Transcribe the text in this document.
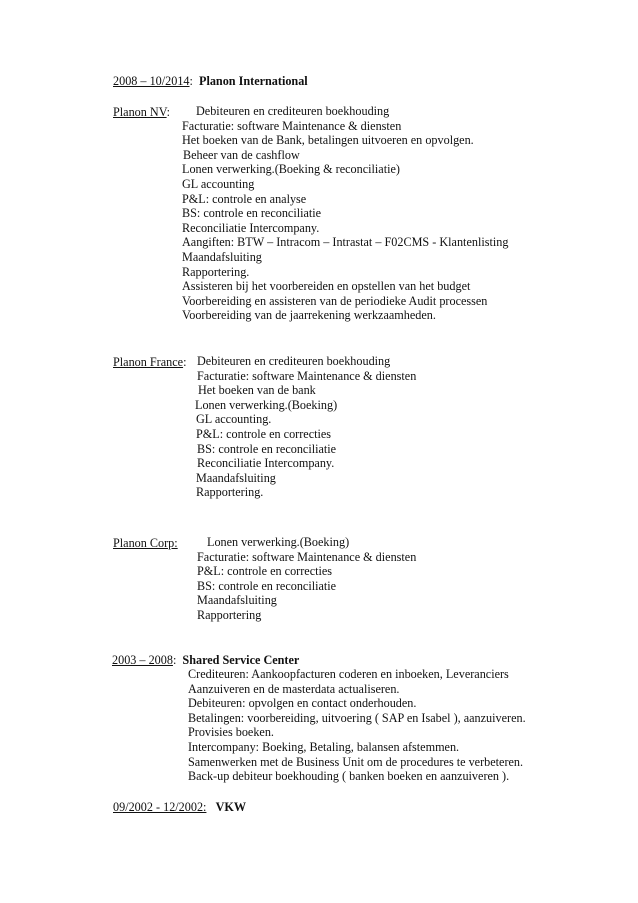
2008 – 10/2014: Planon International
Planon NV:	Debiteuren en crediteuren boekhouding
Facturatie: software Maintenance & diensten
Het boeken van de Bank, betalingen uitvoeren en opvolgen.
Beheer van de cashflow
Lonen verwerking.(Boeking & reconciliatie)
GL accounting
P&L: controle en analyse
BS: controle en reconciliatie
Reconciliatie Intercompany.
Aangiften: BTW – Intracom – Intrastat – F02CMS - Klantenlisting
Maandafsluiting
Rapportering.
Assisteren bij het voorbereiden en opstellen van het budget
Voorbereiding en assisteren van de periodieke Audit processen
Voorbereiding van de jaarrekening werkzaamheden.
Planon France: Debiteuren en crediteuren boekhouding
Facturatie: software Maintenance & diensten
Het boeken van de bank
Lonen verwerking.(Boeking)
GL accounting.
P&L: controle en correcties
BS: controle en reconciliatie
Reconciliatie Intercompany.
Maandafsluiting
Rapportering.
Planon Corp:	Lonen verwerking.(Boeking)
Facturatie: software Maintenance & diensten
P&L: controle en correcties
BS: controle en reconciliatie
Maandafsluiting
Rapportering
2003 – 2008: Shared Service Center
Crediteuren: Aankoopfacturen coderen en inboeken, Leveranciers
Aanzuiveren en de masterdata actualiseren.
Debiteuren: opvolgen en contact onderhouden.
Betalingen: voorbereiding, uitvoering ( SAP en Isabel ), aanzuiveren.
Provisies boeken.
Intercompany: Boeking, Betaling, balansen afstemmen.
Samenwerken met de Business Unit om de procedures te verbeteren.
Back-up debiteur boekhouding ( banken boeken en aanzuiveren ).
09/2002 - 12/2002: VKW
